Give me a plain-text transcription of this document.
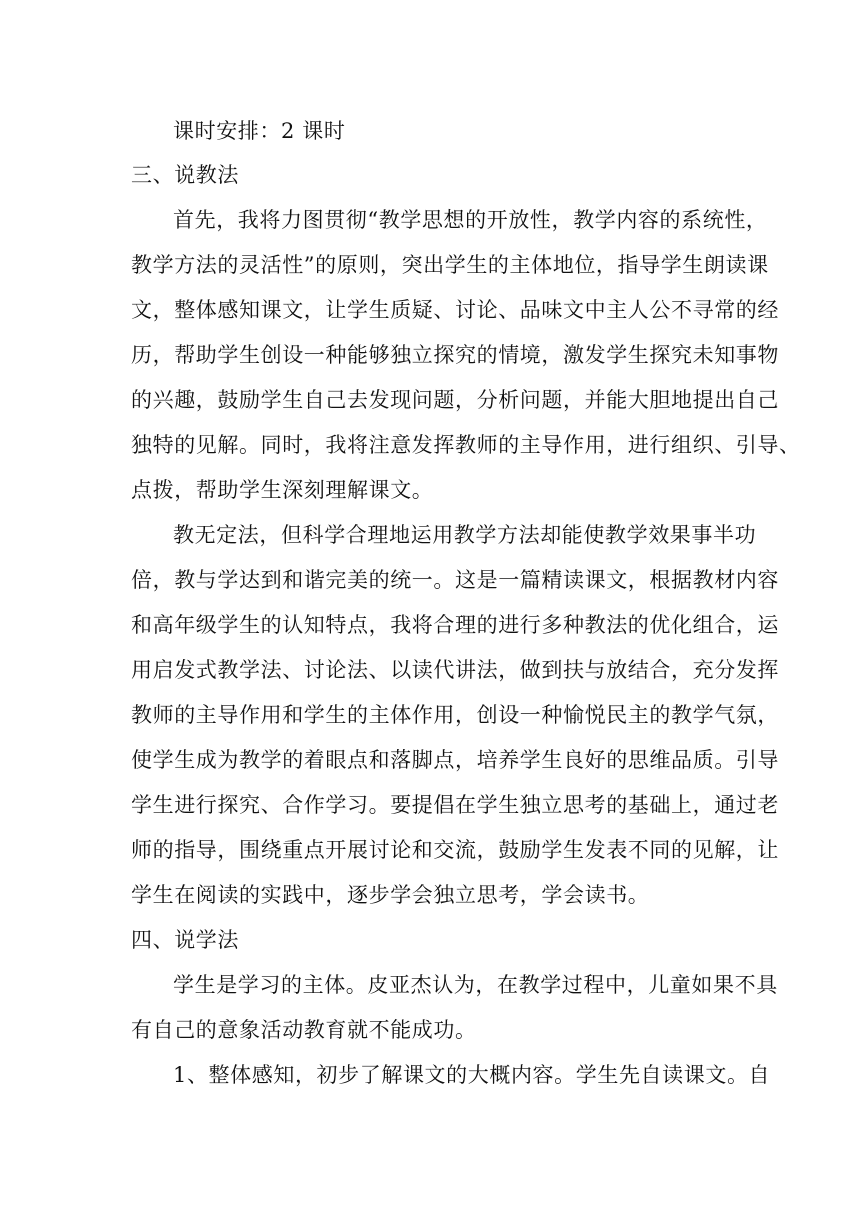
课时安排：2 课时
三、说教法
首先，我将力图贯彻“教学思想的开放性，教学内容的系统性，
教学方法的灵活性”的原则，突出学生的主体地位，指导学生朗读课
文，整体感知课文，让学生质疑、讨论、品味文中主人公不寻常的经
历，帮助学生创设一种能够独立探究的情境，激发学生探究未知事物
的兴趣，鼓励学生自己去发现问题，分析问题，并能大胆地提出自己
独特的见解。同时，我将注意发挥教师的主导作用，进行组织、引导、
点拨，帮助学生深刻理解课文。
教无定法，但科学合理地运用教学方法却能使教学效果事半功
倍，教与学达到和谐完美的统一。这是一篇精读课文，根据教材内容
和高年级学生的认知特点，我将合理的进行多种教法的优化组合，运
用启发式教学法、讨论法、以读代讲法，做到扶与放结合，充分发挥
教师的主导作用和学生的主体作用，创设一种愉悦民主的教学气氛，
使学生成为教学的着眼点和落脚点，培养学生良好的思维品质。引导
学生进行探究、合作学习。要提倡在学生独立思考的基础上，通过老
师的指导，围绕重点开展讨论和交流，鼓励学生发表不同的见解，让
学生在阅读的实践中，逐步学会独立思考，学会读书。
四、说学法
学生是学习的主体。皮亚杰认为，在教学过程中，儿童如果不具
有自己的意象活动教育就不能成功。
1、整体感知，初步了解课文的大概内容。学生先自读课文。自
